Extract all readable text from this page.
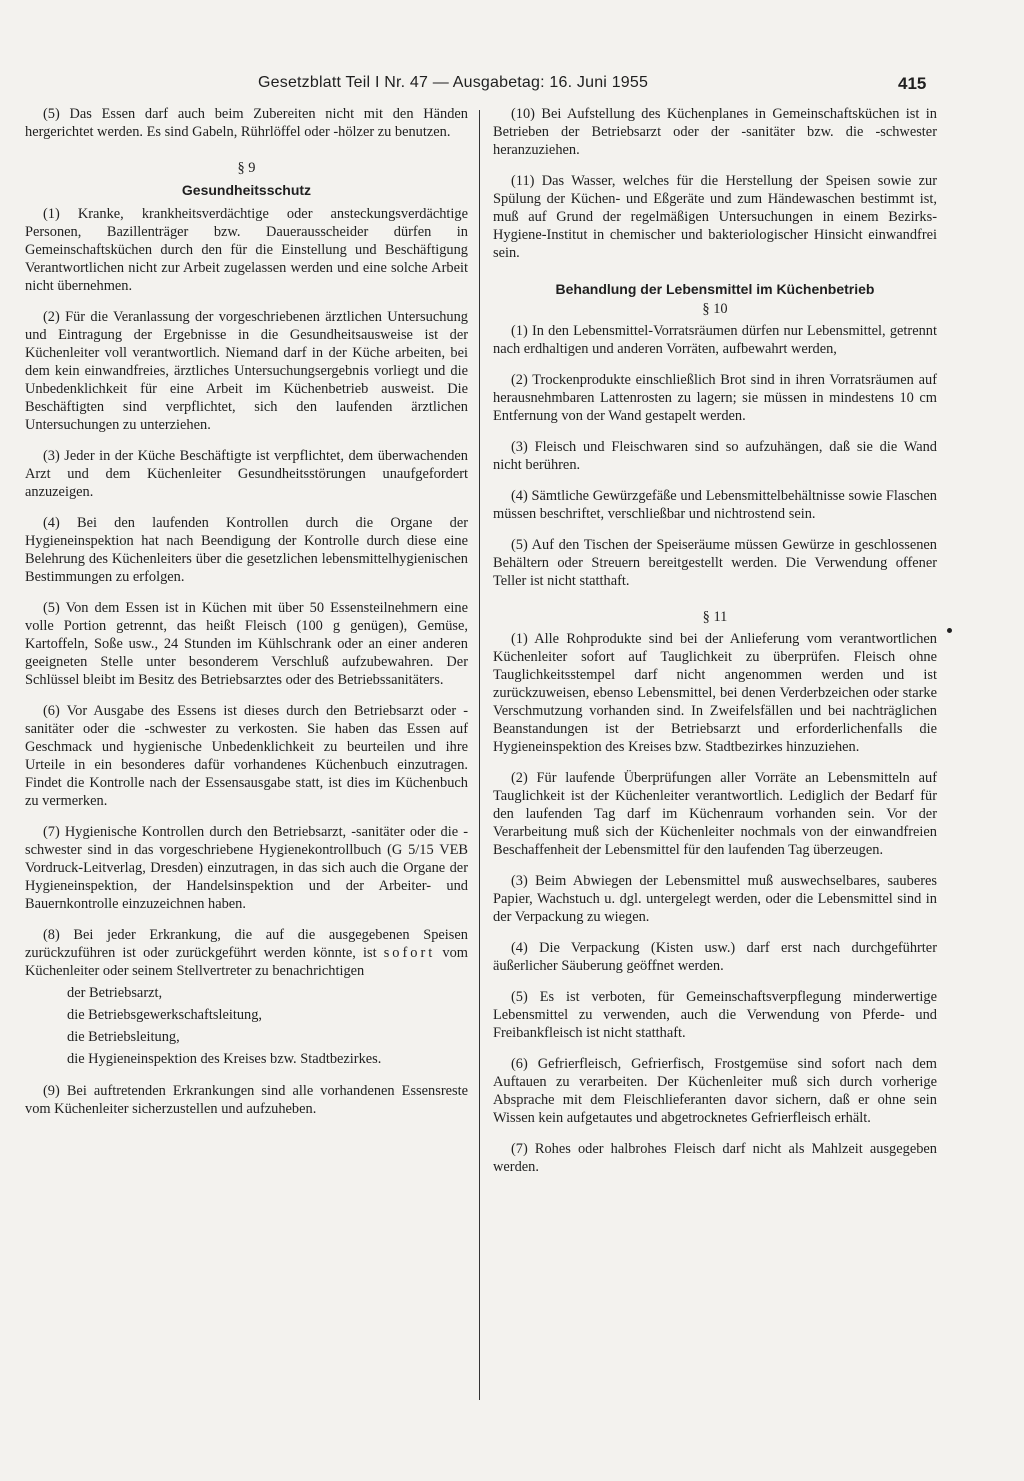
Gesetzblatt Teil I Nr. 47 — Ausgabetag: 16. Juni 1955	415

(5) Das Essen darf auch beim Zubereiten nicht mit den Händen hergerichtet werden. Es sind Gabeln, Rührlöffel oder -hölzer zu benutzen.

§ 9

Gesundheitsschutz

(1) Kranke, krankheitsverdächtige oder ansteckungsverdächtige Personen, Bazillenträger bzw. Dauerausscheider dürfen in Gemeinschaftsküchen durch den für die Einstellung und Beschäftigung Verantwortlichen nicht zur Arbeit zugelassen werden und eine solche Arbeit nicht übernehmen.

(2) Für die Veranlassung der vorgeschriebenen ärztlichen Untersuchung und Eintragung der Ergebnisse in die Gesundheitsausweise ist der Küchenleiter voll verantwortlich. Niemand darf in der Küche arbeiten, bei dem kein einwandfreies, ärztliches Untersuchungsergebnis vorliegt und die Unbedenklichkeit für eine Arbeit im Küchenbetrieb ausweist. Die Beschäftigten sind verpflichtet, sich den laufenden ärztlichen Untersuchungen zu unterziehen.

(3) Jeder in der Küche Beschäftigte ist verpflichtet, dem überwachenden Arzt und dem Küchenleiter Gesundheitsstörungen unaufgefordert anzuzeigen.

(4) Bei den laufenden Kontrollen durch die Organe der Hygieneinspektion hat nach Beendigung der Kontrolle durch diese eine Belehrung des Küchenleiters über die gesetzlichen lebensmittelhygienischen Bestimmungen zu erfolgen.

(5) Von dem Essen ist in Küchen mit über 50 Essensteilnehmern eine volle Portion getrennt, das heißt Fleisch (100 g genügen), Gemüse, Kartoffeln, Soße usw., 24 Stunden im Kühlschrank oder an einer anderen geeigneten Stelle unter besonderem Verschluß aufzubewahren. Der Schlüssel bleibt im Besitz des Betriebsarztes oder des Betriebssanitäters.

(6) Vor Ausgabe des Essens ist dieses durch den Betriebsarzt oder -sanitäter oder die -schwester zu verkosten. Sie haben das Essen auf Geschmack und hygienische Unbedenklichkeit zu beurteilen und ihre Urteile in ein besonderes dafür vorhandenes Küchenbuch einzutragen. Findet die Kontrolle nach der Essensausgabe statt, ist dies im Küchenbuch zu vermerken.

(7) Hygienische Kontrollen durch den Betriebsarzt, -sanitäter oder die -schwester sind in das vorgeschriebene Hygienekontrollbuch (G 5/15 VEB Vordruck-Leitverlag, Dresden) einzutragen, in das sich auch die Organe der Hygieneinspektion, der Handelsinspektion und der Arbeiter- und Bauernkontrolle einzuzeichnen haben.

(8) Bei jeder Erkrankung, die auf die ausgegebenen Speisen zurückzuführen ist oder zurückgeführt werden könnte, ist sofort vom Küchenleiter oder seinem Stellvertreter zu benachrichtigen

der Betriebsarzt,
die Betriebsgewerkschaftsleitung,
die Betriebsleitung,
die Hygieneinspektion des Kreises bzw. Stadtbezirkes.

(9) Bei auftretenden Erkrankungen sind alle vorhandenen Essensreste vom Küchenleiter sicherzustellen und aufzuheben.

(10) Bei Aufstellung des Küchenplanes in Gemeinschaftsküchen ist in Betrieben der Betriebsarzt oder der -sanitäter bzw. die -schwester heranzuziehen.

(11) Das Wasser, welches für die Herstellung der Speisen sowie zur Spülung der Küchen- und Eßgeräte und zum Händewaschen bestimmt ist, muß auf Grund der regelmäßigen Untersuchungen in einem Bezirks-Hygiene-Institut in chemischer und bakteriologischer Hinsicht einwandfrei sein.

Behandlung der Lebensmittel im Küchenbetrieb

§ 10

(1) In den Lebensmittel-Vorratsräumen dürfen nur Lebensmittel, getrennt nach erdhaltigen und anderen Vorräten, aufbewahrt werden,

(2) Trockenprodukte einschließlich Brot sind in ihren Vorratsräumen auf herausnehmbaren Lattenrosten zu lagern; sie müssen in mindestens 10 cm Entfernung von der Wand gestapelt werden.

(3) Fleisch und Fleischwaren sind so aufzuhängen, daß sie die Wand nicht berühren.

(4) Sämtliche Gewürzgefäße und Lebensmittelbehältnisse sowie Flaschen müssen beschriftet, verschließbar und nichtrostend sein.

(5) Auf den Tischen der Speiseräume müssen Gewürze in geschlossenen Behältern oder Streuern bereitgestellt werden. Die Verwendung offener Teller ist nicht statthaft.

§ 11

(1) Alle Rohprodukte sind bei der Anlieferung vom verantwortlichen Küchenleiter sofort auf Tauglichkeit zu überprüfen. Fleisch ohne Tauglichkeitsstempel darf nicht angenommen werden und ist zurückzuweisen, ebenso Lebensmittel, bei denen Verderbzeichen oder starke Verschmutzung vorhanden sind. In Zweifelsfällen und bei nachträglichen Beanstandungen ist der Betriebsarzt und erforderlichenfalls die Hygieneinspektion des Kreises bzw. Stadtbezirkes hinzuziehen.

(2) Für laufende Überprüfungen aller Vorräte an Lebensmitteln auf Tauglichkeit ist der Küchenleiter verantwortlich. Lediglich der Bedarf für den laufenden Tag darf im Küchenraum vorhanden sein. Vor der Verarbeitung muß sich der Küchenleiter nochmals von der einwandfreien Beschaffenheit der Lebensmittel für den laufenden Tag überzeugen.

(3) Beim Abwiegen der Lebensmittel muß auswechselbares, sauberes Papier, Wachstuch u. dgl. untergelegt werden, oder die Lebensmittel sind in der Verpackung zu wiegen.

(4) Die Verpackung (Kisten usw.) darf erst nach durchgeführter äußerlicher Säuberung geöffnet werden.

(5) Es ist verboten, für Gemeinschaftsverpflegung minderwertige Lebensmittel zu verwenden, auch die Verwendung von Pferde- und Freibankfleisch ist nicht statthaft.

(6) Gefrierfleisch, Gefrierfisch, Frostgemüse sind sofort nach dem Auftauen zu verarbeiten. Der Küchenleiter muß sich durch vorherige Absprache mit dem Fleischlieferanten davor sichern, daß er ohne sein Wissen kein aufgetautes und abgetrocknetes Gefrierfleisch erhält.

(7) Rohes oder halbrohes Fleisch darf nicht als Mahlzeit ausgegeben werden.
